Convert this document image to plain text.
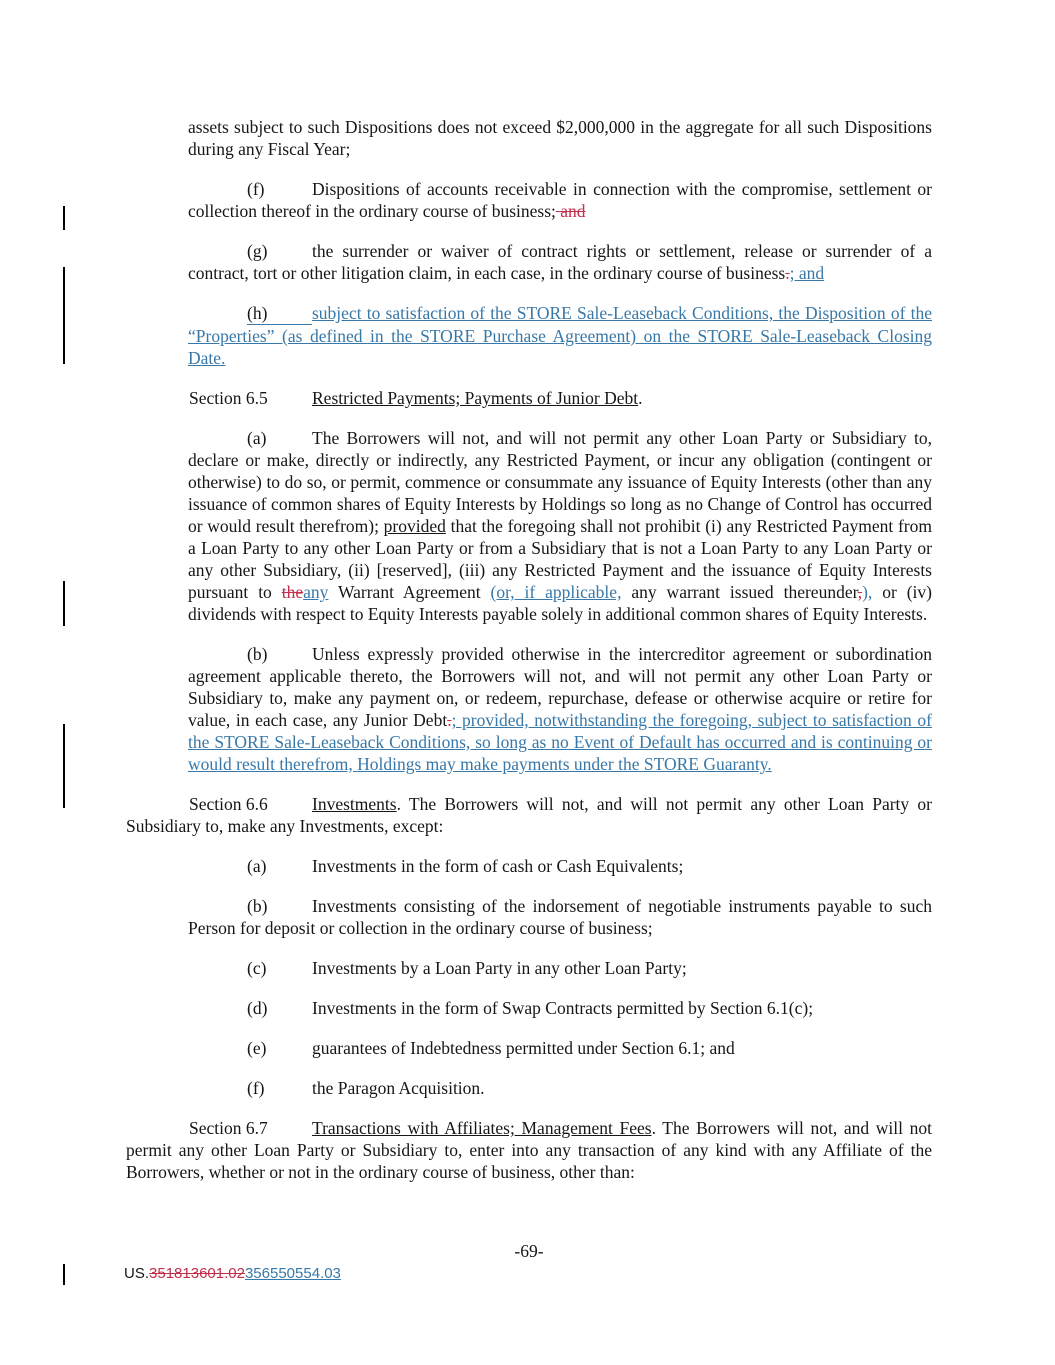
assets subject to such Dispositions does not exceed $2,000,000 in the aggregate for all such Dispositions during any Fiscal Year;
(f)	Dispositions of accounts receivable in connection with the compromise, settlement or collection thereof in the ordinary course of business; and
(g)	the surrender or waiver of contract rights or settlement, release or surrender of a contract, tort or other litigation claim, in each case, in the ordinary course of business.; and
(h)	subject to satisfaction of the STORE Sale-Leaseback Conditions, the Disposition of the “Properties” (as defined in the STORE Purchase Agreement) on the STORE Sale-Leaseback Closing Date.
Section 6.5	Restricted Payments; Payments of Junior Debt.
(a)	The Borrowers will not, and will not permit any other Loan Party or Subsidiary to, declare or make, directly or indirectly, any Restricted Payment, or incur any obligation (contingent or otherwise) to do so, or permit, commence or consummate any issuance of Equity Interests (other than any issuance of common shares of Equity Interests by Holdings so long as no Change of Control has occurred or would result therefrom); provided that the foregoing shall not prohibit (i) any Restricted Payment from a Loan Party to any other Loan Party or from a Subsidiary that is not a Loan Party to any Loan Party or any other Subsidiary, (ii) [reserved], (iii) any Restricted Payment and the issuance of Equity Interests pursuant to theany Warrant Agreement (or, if applicable, any warrant issued thereunder,), or (iv) dividends with respect to Equity Interests payable solely in additional common shares of Equity Interests.
(b)	Unless expressly provided otherwise in the intercreditor agreement or subordination agreement applicable thereto, the Borrowers will not, and will not permit any other Loan Party or Subsidiary to, make any payment on, or redeem, repurchase, defease or otherwise acquire or retire for value, in each case, any Junior Debt.; provided, notwithstanding the foregoing, subject to satisfaction of the STORE Sale-Leaseback Conditions, so long as no Event of Default has occurred and is continuing or would result therefrom, Holdings may make payments under the STORE Guaranty.
Section 6.6	Investments. The Borrowers will not, and will not permit any other Loan Party or Subsidiary to, make any Investments, except:
(a)	Investments in the form of cash or Cash Equivalents;
(b)	Investments consisting of the indorsement of negotiable instruments payable to such Person for deposit or collection in the ordinary course of business;
(c)	Investments by a Loan Party in any other Loan Party;
(d)	Investments in the form of Swap Contracts permitted by Section 6.1(c);
(e)	guarantees of Indebtedness permitted under Section 6.1; and
(f)	the Paragon Acquisition.
Section 6.7	Transactions with Affiliates; Management Fees. The Borrowers will not, and will not permit any other Loan Party or Subsidiary to, enter into any transaction of any kind with any Affiliate of the Borrowers, whether or not in the ordinary course of business, other than:
-69-
US.351813601.02356550554.03
